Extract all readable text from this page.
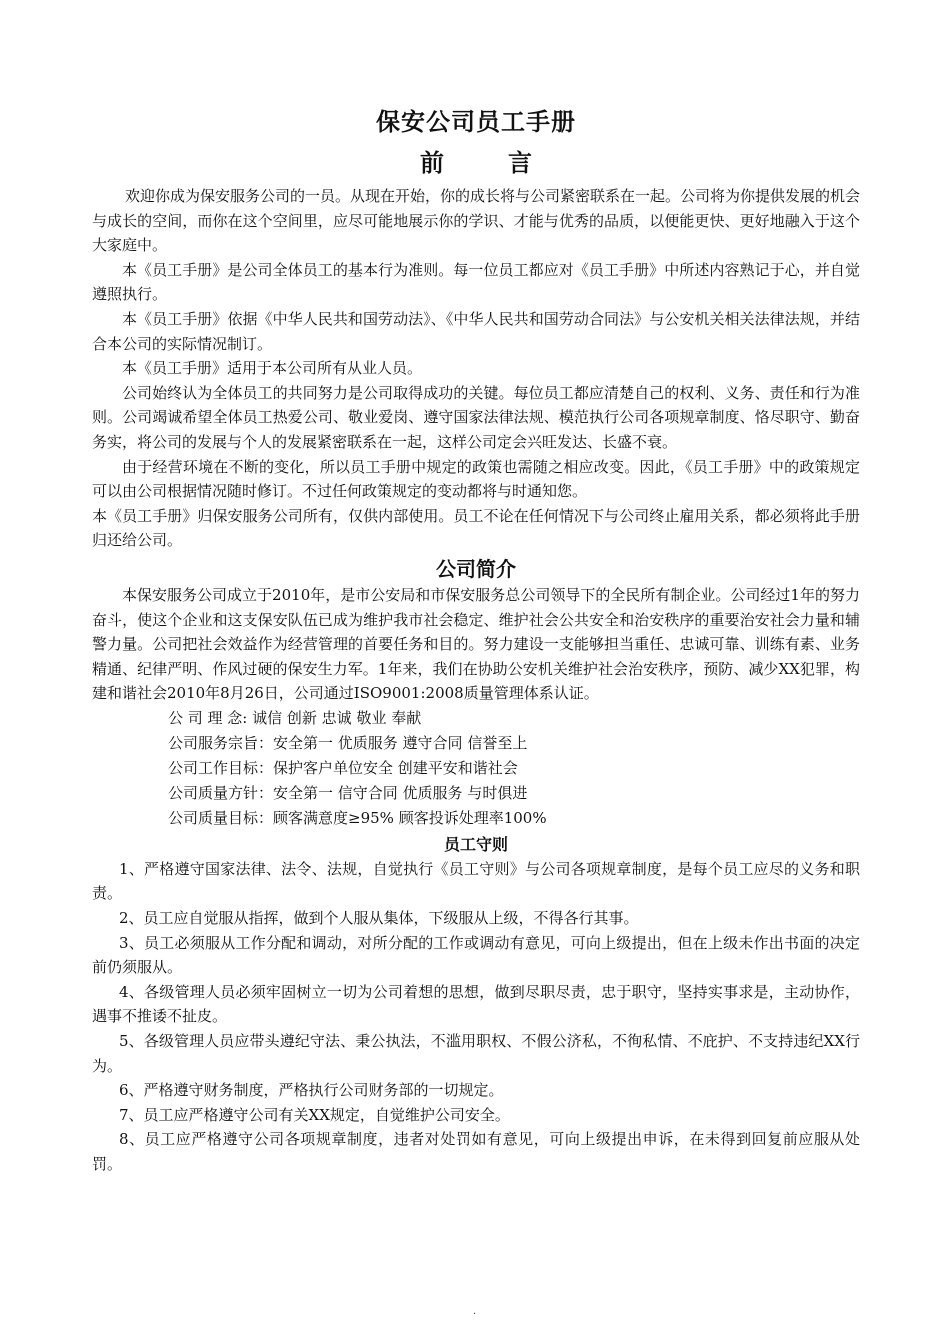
保安公司员工手册
前　言

欢迎你成为保安服务公司的一员。从现在开始，你的成长将与公司紧密联系在一起。公司将为你提供发展的机会与成长的空间，而你在这个空间里，应尽可能地展示你的学识、才能与优秀的品质，以便能更快、更好地融入于这个大家庭中。

本《员工手册》是公司全体员工的基本行为准则。每一位员工都应对《员工手册》中所述内容熟记于心，并自觉遵照执行。

本《员工手册》依据《中华人民共和国劳动法》、《中华人民共和国劳动合同法》与公安机关相关法律法规，并结合本公司的实际情况制订。

本《员工手册》适用于本公司所有从业人员。

公司始终认为全体员工的共同努力是公司取得成功的关键。每位员工都应清楚自己的权利、义务、责任和行为准则。公司竭诚希望全体员工热爱公司、敬业爱岗、遵守国家法律法规、模范执行公司各项规章制度、恪尽职守、勤奋务实，将公司的发展与个人的发展紧密联系在一起，这样公司定会兴旺发达、长盛不衰。

由于经营环境在不断的变化，所以员工手册中规定的政策也需随之相应改变。因此，《员工手册》中的政策规定可以由公司根据情况随时修订。不过任何政策规定的变动都将与时通知您。

本《员工手册》归保安服务公司所有，仅供内部使用。员工不论在任何情况下与公司终止雇用关系，都必须将此手册归还给公司。

公司简介

本保安服务公司成立于2010年，是市公安局和市保安服务总公司领导下的全民所有制企业。公司经过1年的努力奋斗，使这个企业和这支保安队伍已成为维护我市社会稳定、维护社会公共安全和治安秩序的重要治安社会力量和辅警力量。公司把社会效益作为经营管理的首要任务和目的。努力建设一支能够担当重任、忠诚可靠、训练有素、业务精通、纪律严明、作风过硬的保安生力军。1年来，我们在协助公安机关维护社会治安秩序，预防、减少XX犯罪，构建和谐社会2010年8月26日，公司通过ISO9001:2008质量管理体系认证。

公 司 理 念: 诚信 创新 忠诚 敬业 奉献
公司服务宗旨：安全第一 优质服务 遵守合同 信誉至上
公司工作目标：保护客户单位安全 创建平安和谐社会
公司质量方针：安全第一 信守合同 优质服务 与时俱进
公司质量目标：顾客满意度≥95% 顾客投诉处理率100%
员工守则

1、严格遵守国家法律、法令、法规，自觉执行《员工守则》与公司各项规章制度，是每个员工应尽的义务和职责。

2、员工应自觉服从指挥，做到个人服从集体，下级服从上级，不得各行其事。

3、员工必须服从工作分配和调动，对所分配的工作或调动有意见，可向上级提出，但在上级未作出书面的决定前仍须服从。

4、各级管理人员必须牢固树立一切为公司着想的思想，做到尽职尽责，忠于职守，坚持实事求是，主动协作，遇事不推诿不扯皮。

5、各级管理人员应带头遵纪守法、秉公执法，不滥用职权、不假公济私，不徇私情、不庇护、不支持违纪XX行为。

6、严格遵守财务制度，严格执行公司财务部的一切规定。

7、员工应严格遵守公司有关XX规定，自觉维护公司安全。

8、员工应严格遵守公司各项规章制度，违者对处罚如有意见，可向上级提出申诉，在未得到回复前应服从处罚。

.
